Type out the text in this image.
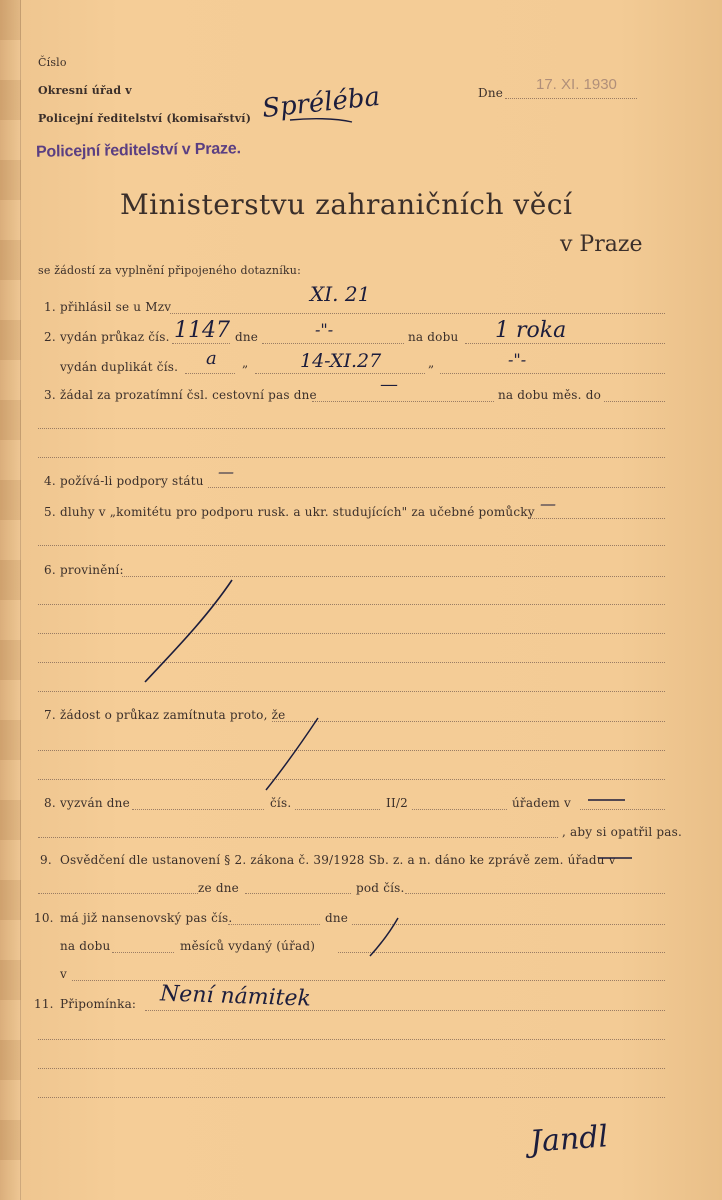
Číslo
Okresní úřad v
Policejní ředitelství (komisařství) Spréléba
Policejní ředitelství v Praze.
Dne 17. XI. 1930
Ministerstvu zahraničních věcí
v Praze
se žádostí za vyplnění připojeného dotazníku:
1. přihlásil se u Mzv
XI. 21
2. vydán průkaz čís. 1147 dne	-"-	na dobu 1 roka
vydán duplikát čís. a „	14-XI.27	„	-"-
3. žádal za prozatímní čsl. cestovní pas dne	—	na dobu měs. do
4. požívá-li podpory státu —
5. dluhy v „komitétu pro podporu rusk. a ukr. studujících" za učebné pomůcky —
6. provinění:
7. žádost o průkaz zamítnuta proto, že
8. vyzván dne	čís.	II/2	úřadem v
, aby si opatřil pas.
9. Osvědčení dle ustanovení § 2. zákona č. 39/1928 Sb. z. a n. dáno ke zprávě zem. úřadu v
ze dne	pod čís.
10. má již nansenovský pas čís.	dne
na dobu	měsíců vydaný (úřad)
v
11. Připomínka: Není námitek
Jandl
